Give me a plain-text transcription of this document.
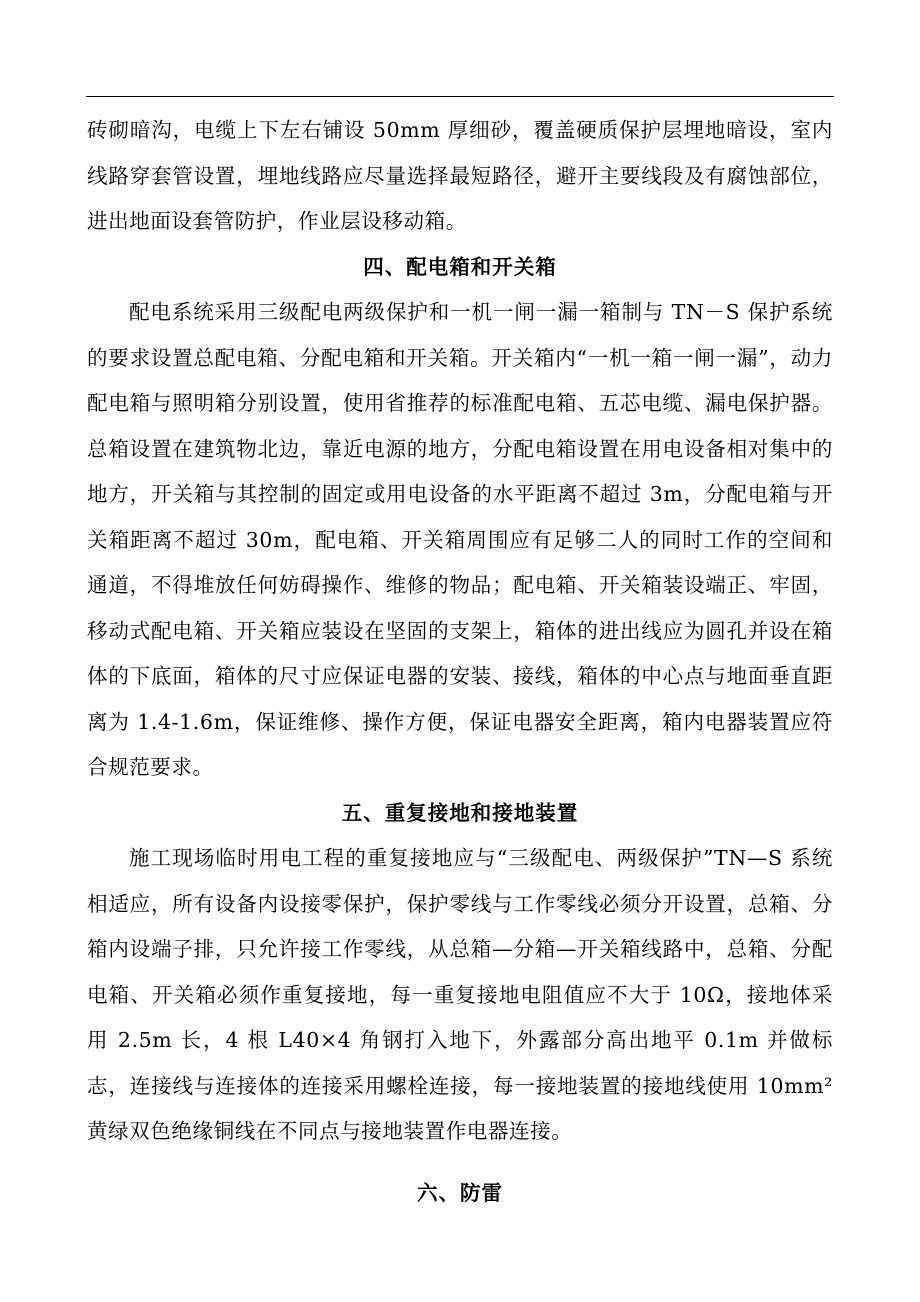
砖砌暗沟，电缆上下左右铺设 50mm 厚细砂，覆盖硬质保护层埋地暗设，室内线路穿套管设置，埋地线路应尽量选择最短路径，避开主要线段及有腐蚀部位，进出地面设套管防护，作业层设移动箱。

四、配电箱和开关箱

配电系统采用三级配电两级保护和一机一闸一漏一箱制与 TN－S 保护系统的要求设置总配电箱、分配电箱和开关箱。开关箱内“一机一箱一闸一漏”，动力配电箱与照明箱分别设置，使用省推荐的标准配电箱、五芯电缆、漏电保护器。总箱设置在建筑物北边，靠近电源的地方，分配电箱设置在用电设备相对集中的地方，开关箱与其控制的固定或用电设备的水平距离不超过 3m，分配电箱与开关箱距离不超过 30m，配电箱、开关箱周围应有足够二人的同时工作的空间和通道，不得堆放任何妨碍操作、维修的物品；配电箱、开关箱装设端正、牢固，移动式配电箱、开关箱应装设在坚固的支架上，箱体的进出线应为圆孔并设在箱体的下底面，箱体的尺寸应保证电器的安装、接线，箱体的中心点与地面垂直距离为 1.4-1.6m，保证维修、操作方便，保证电器安全距离，箱内电器装置应符合规范要求。

五、重复接地和接地装置

施工现场临时用电工程的重复接地应与“三级配电、两级保护”TN—S 系统相适应，所有设备内设接零保护，保护零线与工作零线必须分开设置，总箱、分箱内设端子排，只允许接工作零线，从总箱—分箱—开关箱线路中，总箱、分配电箱、开关箱必须作重复接地，每一重复接地电阻值应不大于 10Ω，接地体采用 2.5m 长，4 根 L40×4 角钢打入地下，外露部分高出地平 0.1m 并做标志，连接线与连接体的连接采用螺栓连接，每一接地装置的接地线使用 10mm² 黄绿双色绝缘铜线在不同点与接地装置作电器连接。

六、防雷
